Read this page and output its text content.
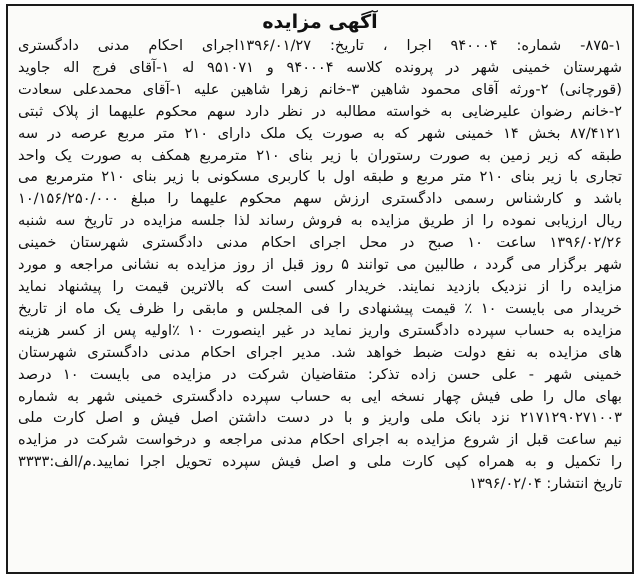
آگهی مزایده
۸۷۵-۱- شماره: ۹۴۰۰۰۴ اجرا ، تاریخ: ۱۳۹۶/۰۱/۲۷اجرای احکام مدنی دادگستری
شهرستان خمینی شهر در پرونده کلاسه ۹۴۰۰۰۴ و ۹۵۱۰۷۱ له ۱-آقای فرج اله جاوید
(قورچانی) ۲-ورثه آقای محمود شاهین ۳-خانم زهرا شاهین علیه ۱-آقای محمدعلی سعادت
۲-خانم رضوان علیرضایی به خواسته مطالبه در نظر دارد سهم محکوم علیهما از پلاک ثبتی
۸۷/۴۱۲۱ بخش ۱۴ خمینی شهر که به صورت یک ملک دارای ۲۱۰ متر مربع عرصه در سه
طبقه که زیر زمین به صورت رستوران با زیر بنای ۲۱۰ مترمربع همکف به صورت یک واحد
تجاری با زیر بنای ۲۱۰ متر مربع و طبقه اول با کاربری مسکونی با زیر بنای ۲۱۰ مترمربع می
باشد و کارشناس رسمی دادگستری ارزش سهم محکوم علیهما را مبلغ ۱۰/۱۵۶/۲۵۰/۰۰۰
ریال ارزیابی نموده را از طریق مزایده به فروش رساند لذا جلسه مزایده در تاریخ سه شنبه
۱۳۹۶/۰۲/۲۶ ساعت ۱۰ صبح در محل اجرای احکام مدنی دادگستری شهرستان خمینی
شهر برگزار می گردد ، طالبین می توانند ۵ روز قبل از روز مزایده به نشانی مراجعه و مورد
مزایده را از نزدیک بازدید نمایند. خریدار کسی است که بالاترین قیمت را پیشنهاد نماید
خریدار می بایست ۱۰ ٪ قیمت پیشنهادی را فی المجلس و مابقی را ظرف یک ماه از تاریخ
مزایده به حساب سپرده دادگستری واریز نماید در غیر اینصورت ۱۰ ٪اولیه پس از کسر هزینه
های مزایده به نفع دولت ضبط خواهد شد. مدیر اجرای احکام مدنی دادگستری شهرستان
خمینی شهر - علی حسن زاده تذکر: متقاضیان شرکت در مزایده می بایست ۱۰ درصد
بهای مال را طی فیش چهار نسخه ایی به حساب سپرده دادگستری خمینی شهر به شماره
۲۱۷۱۲۹۰۲۷۱۰۰۳ نزد بانک ملی واریز و با در دست داشتن اصل فیش و اصل کارت ملی
نیم ساعت قبل از شروع مزایده به اجرای احکام مدنی مراجعه و درخواست شرکت در مزایده
را تکمیل و به همراه کپی کارت ملی و اصل فیش سپرده تحویل اجرا نمایید.م/الف:۳۳۳۳
تاریخ انتشار: ۱۳۹۶/۰۲/۰۴
